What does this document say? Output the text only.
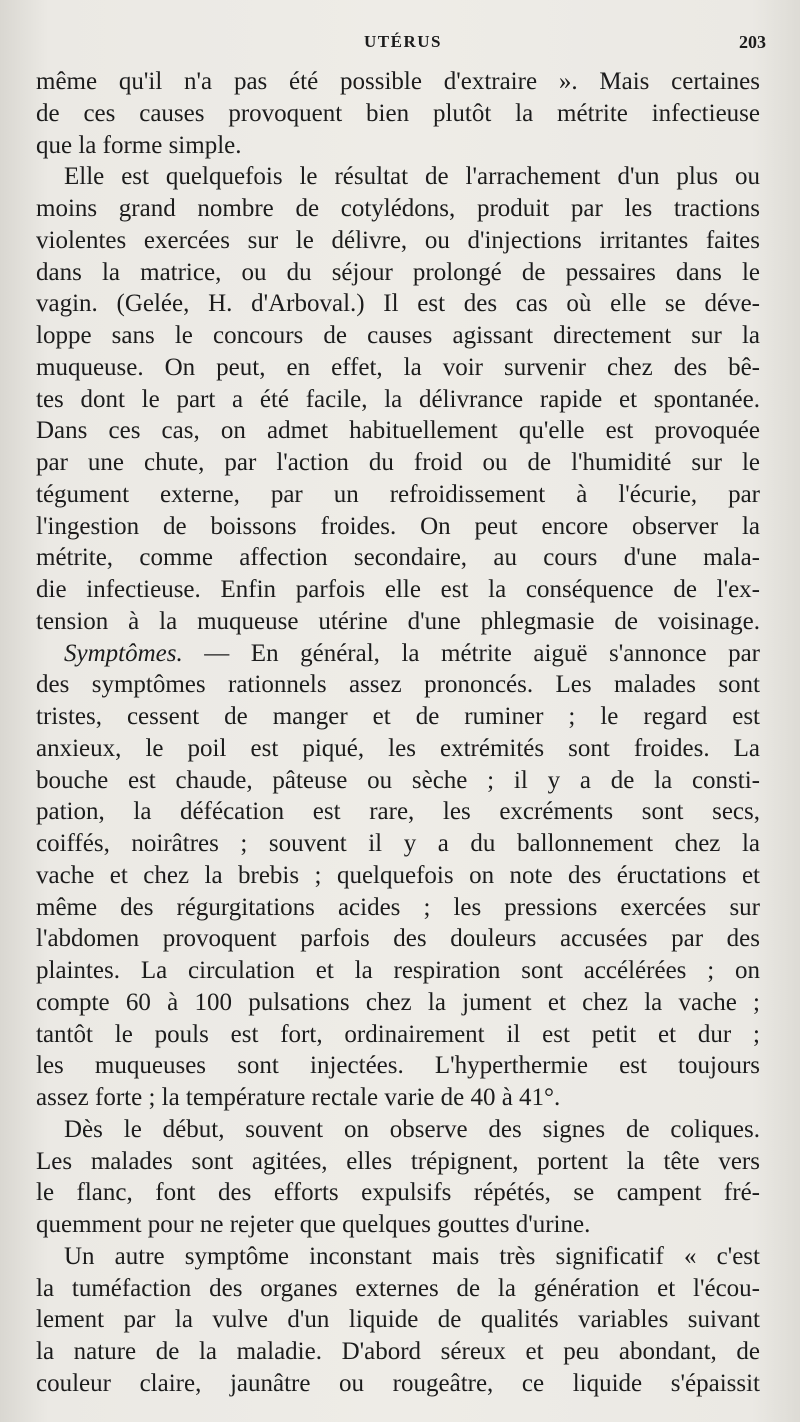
UTÉRUS	203
même qu'il n'a pas été possible d'extraire ». Mais certaines
de ces causes provoquent bien plutôt la métrite infectieuse
que la forme simple.
Elle est quelquefois le résultat de l'arrachement d'un plus ou
moins grand nombre de cotylédons, produit par les tractions
violentes exercées sur le délivre, ou d'injections irritantes faites
dans la matrice, ou du séjour prolongé de pessaires dans le
vagin. (Gelée, H. d'Arboval.) Il est des cas où elle se déve-
loppe sans le concours de causes agissant directement sur la
muqueuse. On peut, en effet, la voir survenir chez des bê-
tes dont le part a été facile, la délivrance rapide et spontanée.
Dans ces cas, on admet habituellement qu'elle est provoquée
par une chute, par l'action du froid ou de l'humidité sur le
tégument externe, par un refroidissement à l'écurie, par
l'ingestion de boissons froides. On peut encore observer la
métrite, comme affection secondaire, au cours d'une mala-
die infectieuse. Enfin parfois elle est la conséquence de l'ex-
tension à la muqueuse utérine d'une phlegmasie de voisinage.
Symptômes. — En général, la métrite aiguë s'annonce par
des symptômes rationnels assez prononcés. Les malades sont
tristes, cessent de manger et de ruminer ; le regard est
anxieux, le poil est piqué, les extrémités sont froides. La
bouche est chaude, pâteuse ou sèche ; il y a de la consti-
pation, la défécation est rare, les excréments sont secs,
coiffés, noirâtres ; souvent il y a du ballonnement chez la
vache et chez la brebis ; quelquefois on note des éructations et
même des régurgitations acides ; les pressions exercées sur
l'abdomen provoquent parfois des douleurs accusées par des
plaintes. La circulation et la respiration sont accélérées ; on
compte 60 à 100 pulsations chez la jument et chez la vache ;
tantôt le pouls est fort, ordinairement il est petit et dur ;
les muqueuses sont injectées. L'hyperthermie est toujours
assez forte ; la température rectale varie de 40 à 41°.
Dès le début, souvent on observe des signes de coliques.
Les malades sont agitées, elles trépignent, portent la tête vers
le flanc, font des efforts expulsifs répétés, se campent fré-
quemment pour ne rejeter que quelques gouttes d'urine.
Un autre symptôme inconstant mais très significatif « c'est
la tuméfaction des organes externes de la génération et l'écou-
lement par la vulve d'un liquide de qualités variables suivant
la nature de la maladie. D'abord séreux et peu abondant, de
couleur claire, jaunâtre ou rougeâtre, ce liquide s'épaissit
